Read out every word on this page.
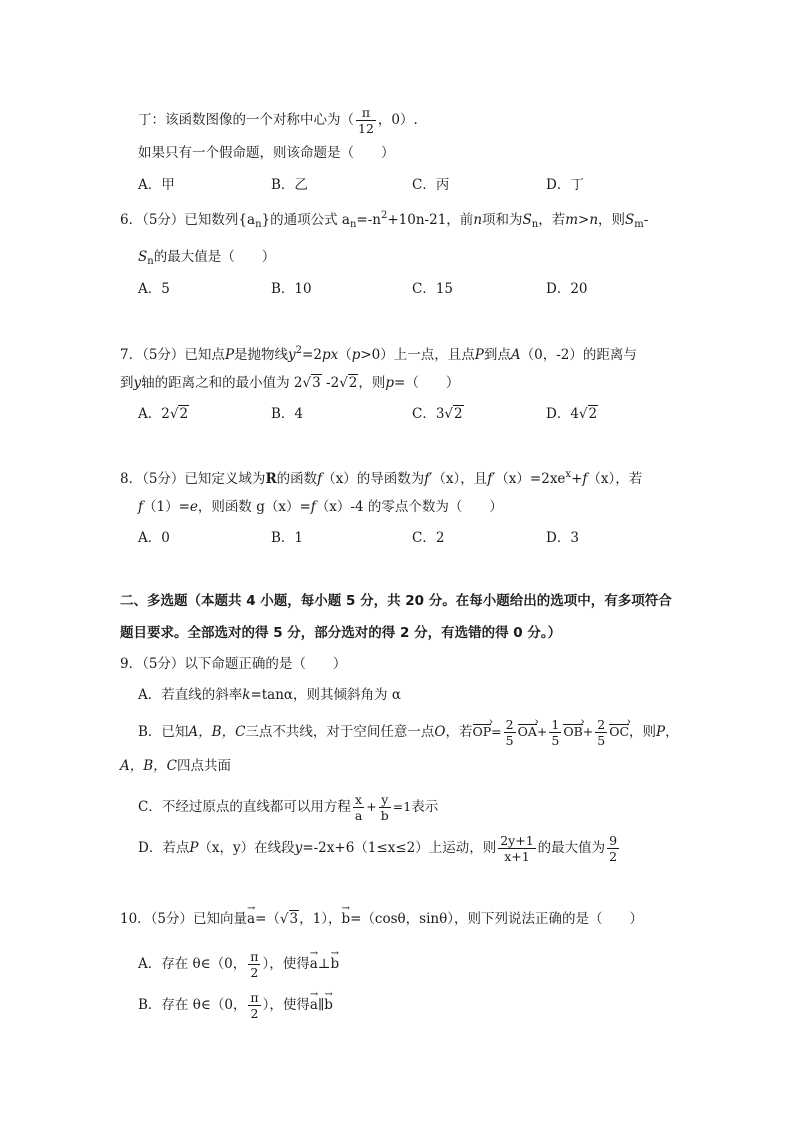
丁：该函数图像的一个对称中心为（ $\frac{\pi}{12}$ ，0）.
如果只有一个假命题，则该命题是（　　）
A．甲	B．乙	C．丙	D．丁
6．（5分）已知数列$\{a_n\}$的通项公式 $a_n=-n^2+10n-21$，前n项和为$S_n$，若m>n，则$S_m-$
$S_n$的最大值是（　　）
A．5	B．10	C．15	D．20
7．（5分）已知点P是抛物线$y^2=2px(p>0)$上一点，且点P到点A（0，-2）的距离与
到y轴的距离之和的最小值为 2√3 -2√2，则p=（　　）
A．2√2	B．4	C．3√2	D．4√2
8．（5分）已知定义域为R的函数f（x）的导函数为f′（x），且$f'(x)=2xe^x+f(x)$，若
f（1）=e，则函数 g（x）=f（x）-4 的零点个数为（　　）
A．0	B．1	C．2	D．3
二、多选题（本题共 4 小题，每小题 5 分，共 20 分。在每小题给出的选项中，有多项符合
题目要求。全部选对的得 5 分，部分选对的得 2 分，有选错的得 0 分。）
9．（5分）以下命题正确的是（　　）
A．若直线的斜率k=tanα，则其倾斜角为 α
B．已知A，B，C三点不共线，对于空间任意一点O，若OP ›= $\frac{2}{5}$ OA ›+ $\frac{1}{5}$ OB ›+ $\frac{2}{5}$ OC ›，则P，
A，B，C四点共面
C．不经过原点的直线都可以用方程 $\frac{x}{a} + \frac{y}{b} =1$表示
D．若点P（x，y）在线段y=-2x+6（1≤x≤2）上运动，则 $\frac{2y+1}{x+1}$ 的最大值为 $\frac{9}{2}$
10．（5分）已知向量→ a=（√3，1），→ b=（cosθ，sinθ），则下列说法正确的是（　　）
A．存在 θ∈（0， $\frac{\pi}{2}$ ），使得→ a⊥→ b
B．存在 θ∈（0， $\frac{\pi}{2}$ ），使得→ a∥→ b
